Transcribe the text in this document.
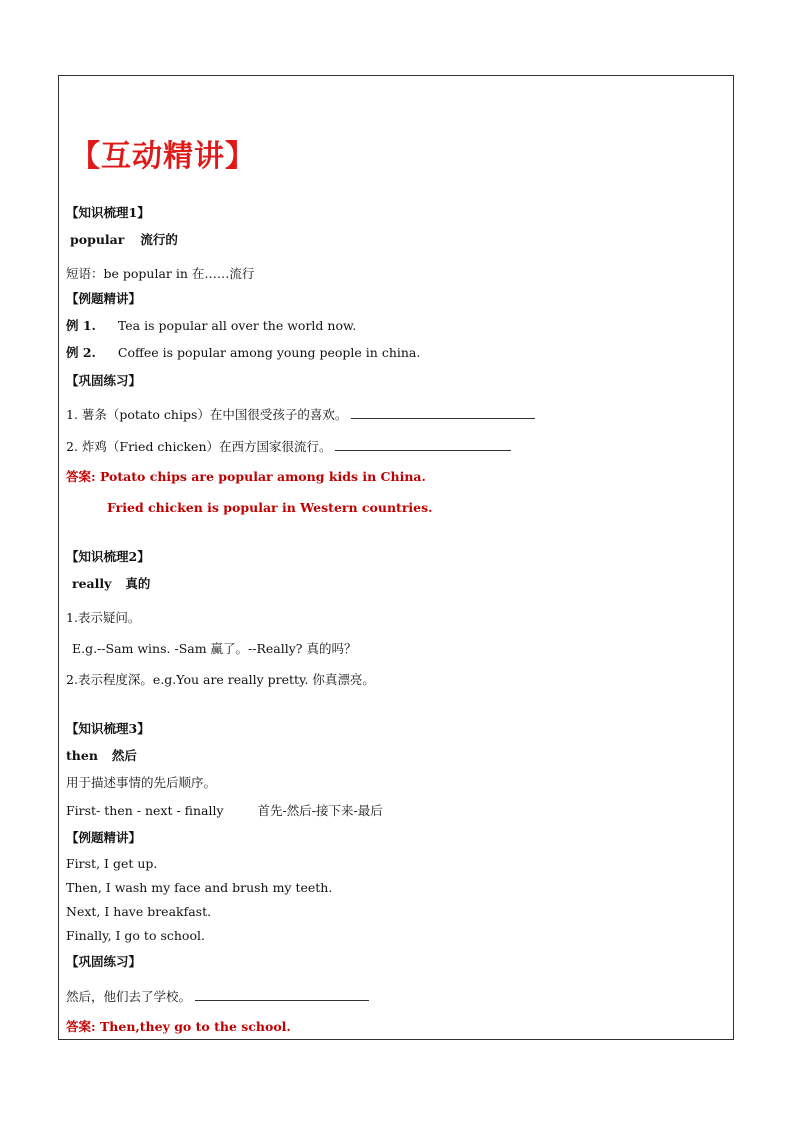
【互动精讲】
【知识梳理1】
popular 流行的
短语：be popular in 在……流行
【例题精讲】
例 1. Tea is popular all over the world now.
例 2. Coffee is popular among young people in china.
【巩固练习】
1. 薯条（potato chips）在中国很受孩子的喜欢。
2. 炸鸡（Fried chicken）在西方国家很流行。
答案: Potato chips are popular among kids in China.
Fried chicken is popular in Western countries.
【知识梳理2】
really 真的
1.表示疑问。
E.g.--Sam wins. -Sam 赢了。--Really? 真的吗？
2.表示程度深。e.g.You are really pretty. 你真漂亮。
【知识梳理3】
then 然后
用于描述事情的先后顺序。
First- then - next - finally	首先-然后-接下来-最后
【例题精讲】
First, I get up.
Then, I wash my face and brush my teeth.
Next, I have breakfast.
Finally, I go to school.
【巩固练习】
然后，他们去了学校。
答案: Then,they go to the school.
